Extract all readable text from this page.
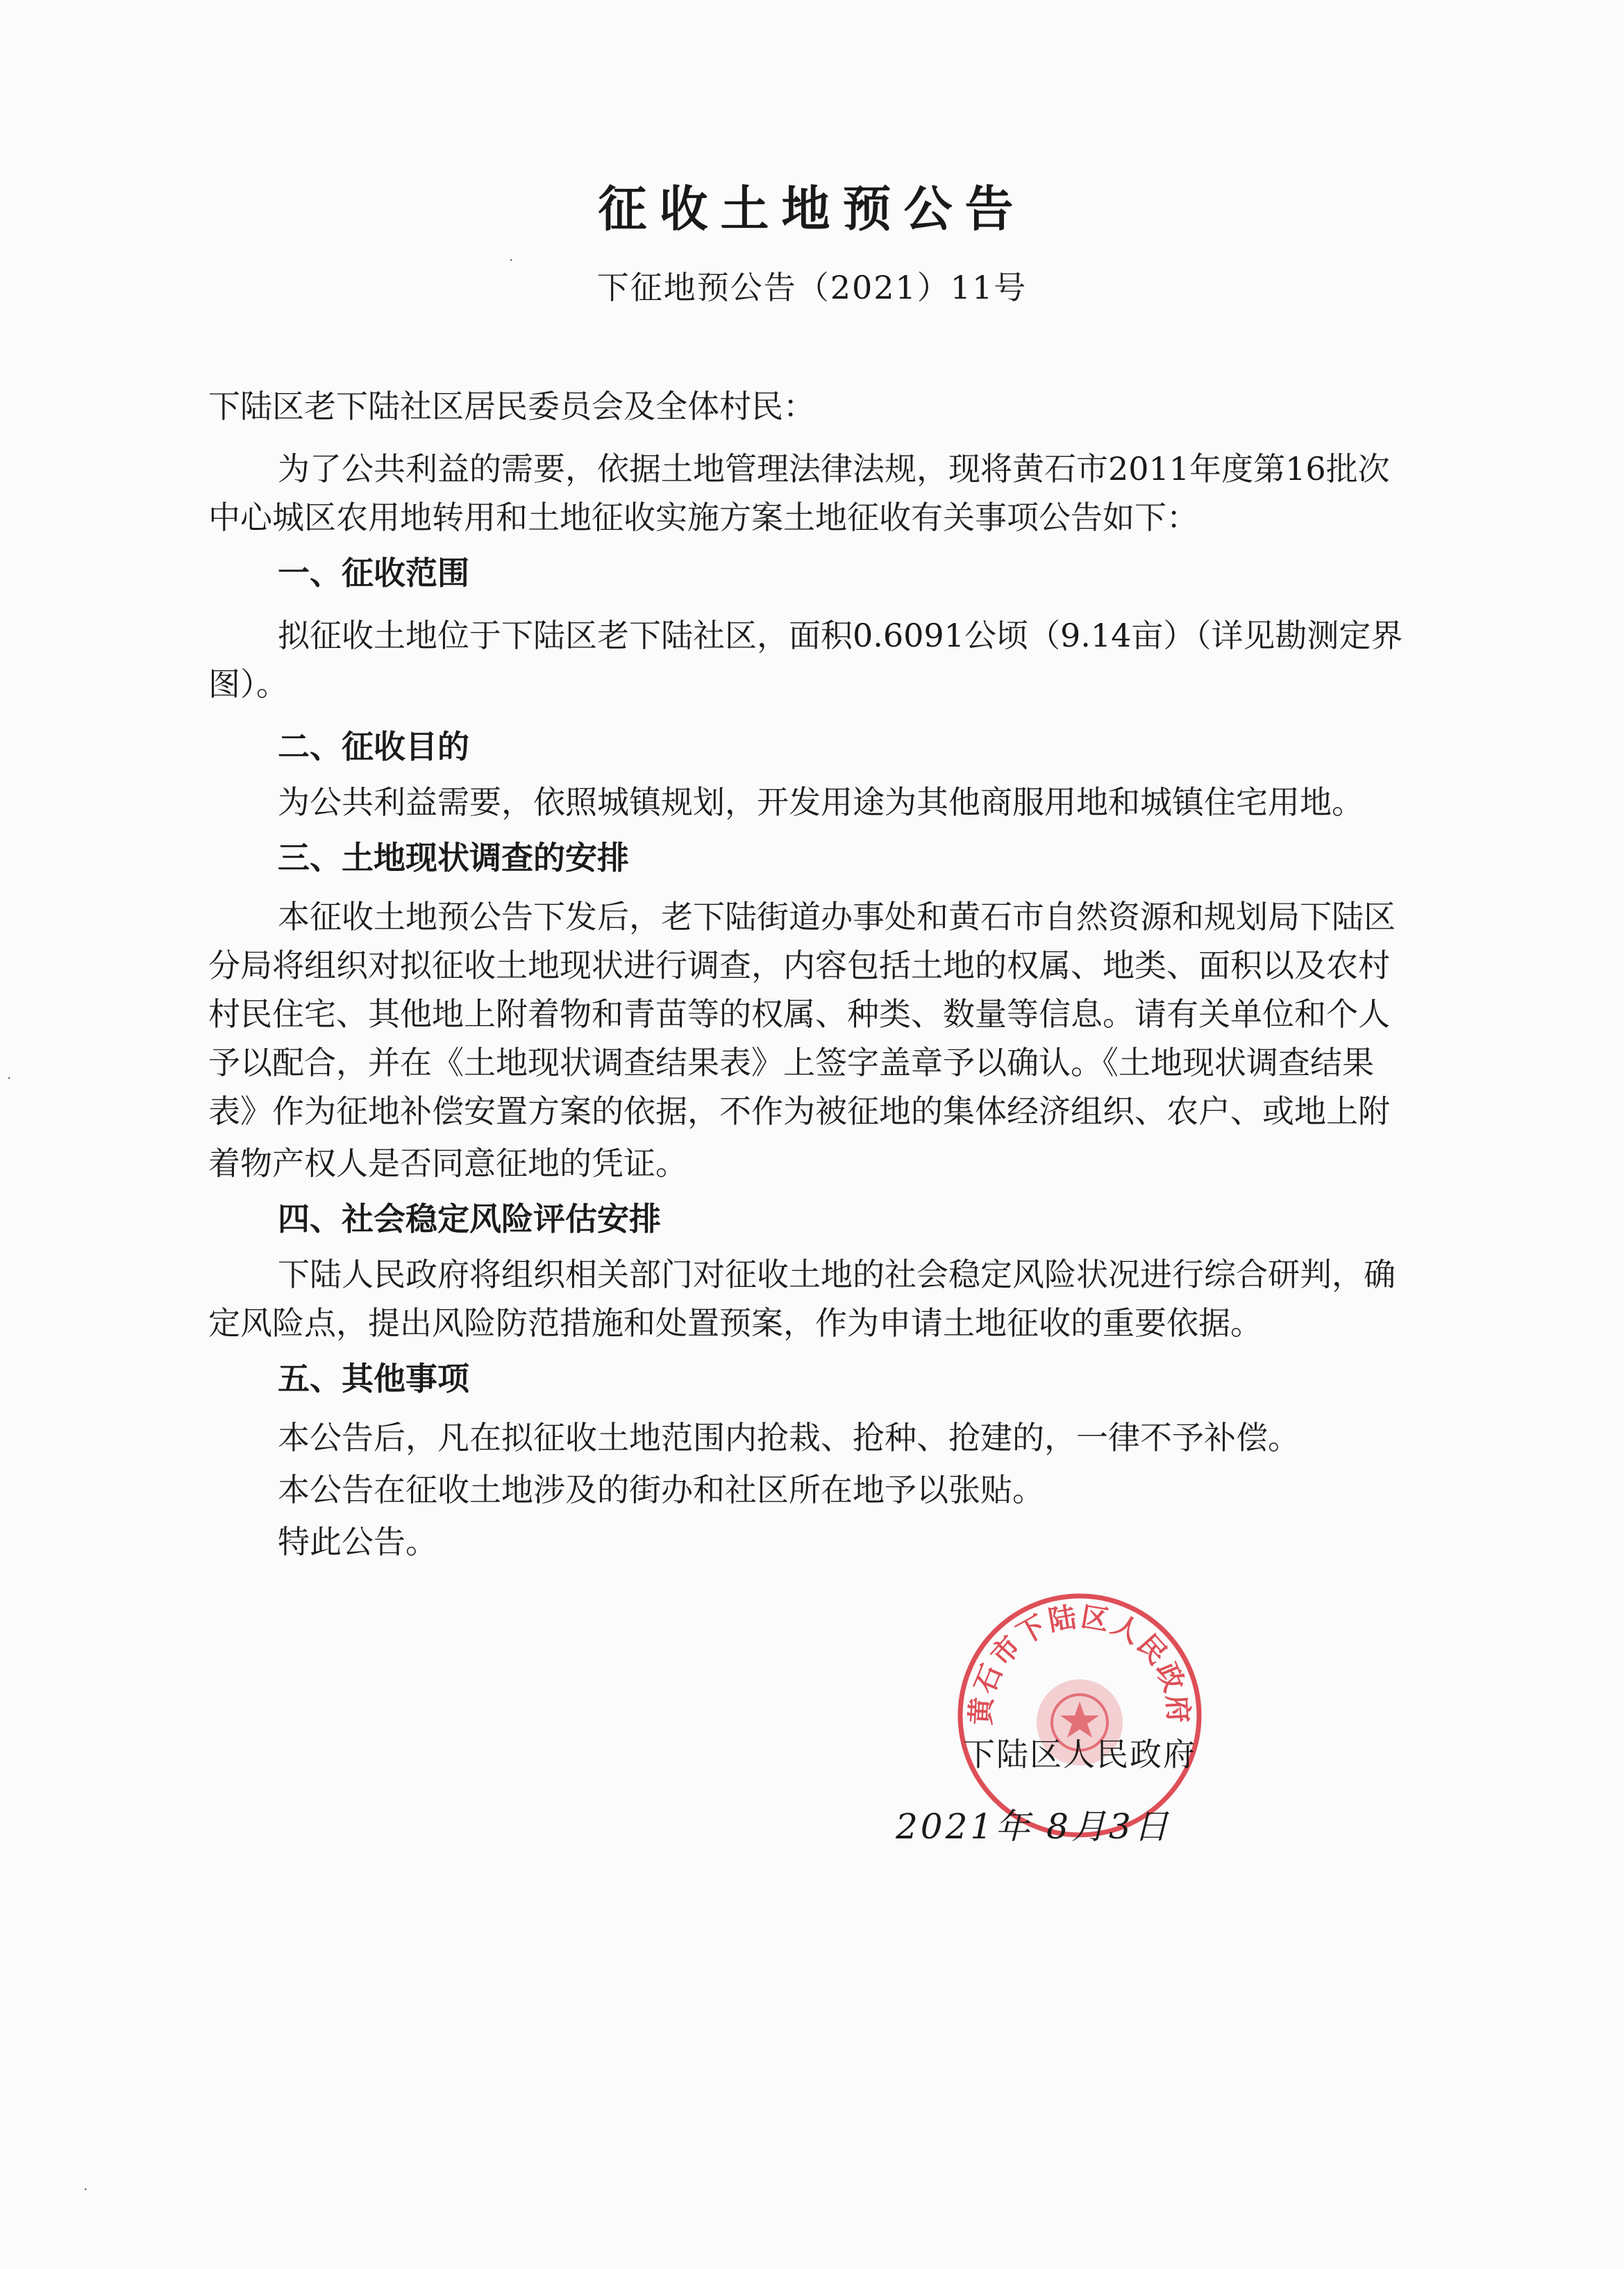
征收土地预公告
下征地预公告（2021）11号
下陆区老下陆社区居民委员会及全体村民：
为了公共利益的需要，依据土地管理法律法规，现将黄石市2011年度第16批次
中心城区农用地转用和土地征收实施方案土地征收有关事项公告如下：
一、征收范围
拟征收土地位于下陆区老下陆社区，面积0.6091公顷（9.14亩）（详见勘测定界
图）。
二、征收目的
为公共利益需要，依照城镇规划，开发用途为其他商服用地和城镇住宅用地。
三、土地现状调查的安排
本征收土地预公告下发后，老下陆街道办事处和黄石市自然资源和规划局下陆区
分局将组织对拟征收土地现状进行调查，内容包括土地的权属、地类、面积以及农村
村民住宅、其他地上附着物和青苗等的权属、种类、数量等信息。请有关单位和个人
予以配合，并在《土地现状调查结果表》上签字盖章予以确认。《土地现状调查结果
表》作为征地补偿安置方案的依据，不作为被征地的集体经济组织、农户、或地上附
着物产权人是否同意征地的凭证。
四、社会稳定风险评估安排
下陆人民政府将组织相关部门对征收土地的社会稳定风险状况进行综合研判，确
定风险点，提出风险防范措施和处置预案，作为申请土地征收的重要依据。
五、其他事项
本公告后，凡在拟征收土地范围内抢栽、抢种、抢建的，一律不予补偿。
本公告在征收土地涉及的街办和社区所在地予以张贴。
特此公告。
黄石市下陆区人民政府
下陆区人民政府
2021年 8月3日
·
·
·
